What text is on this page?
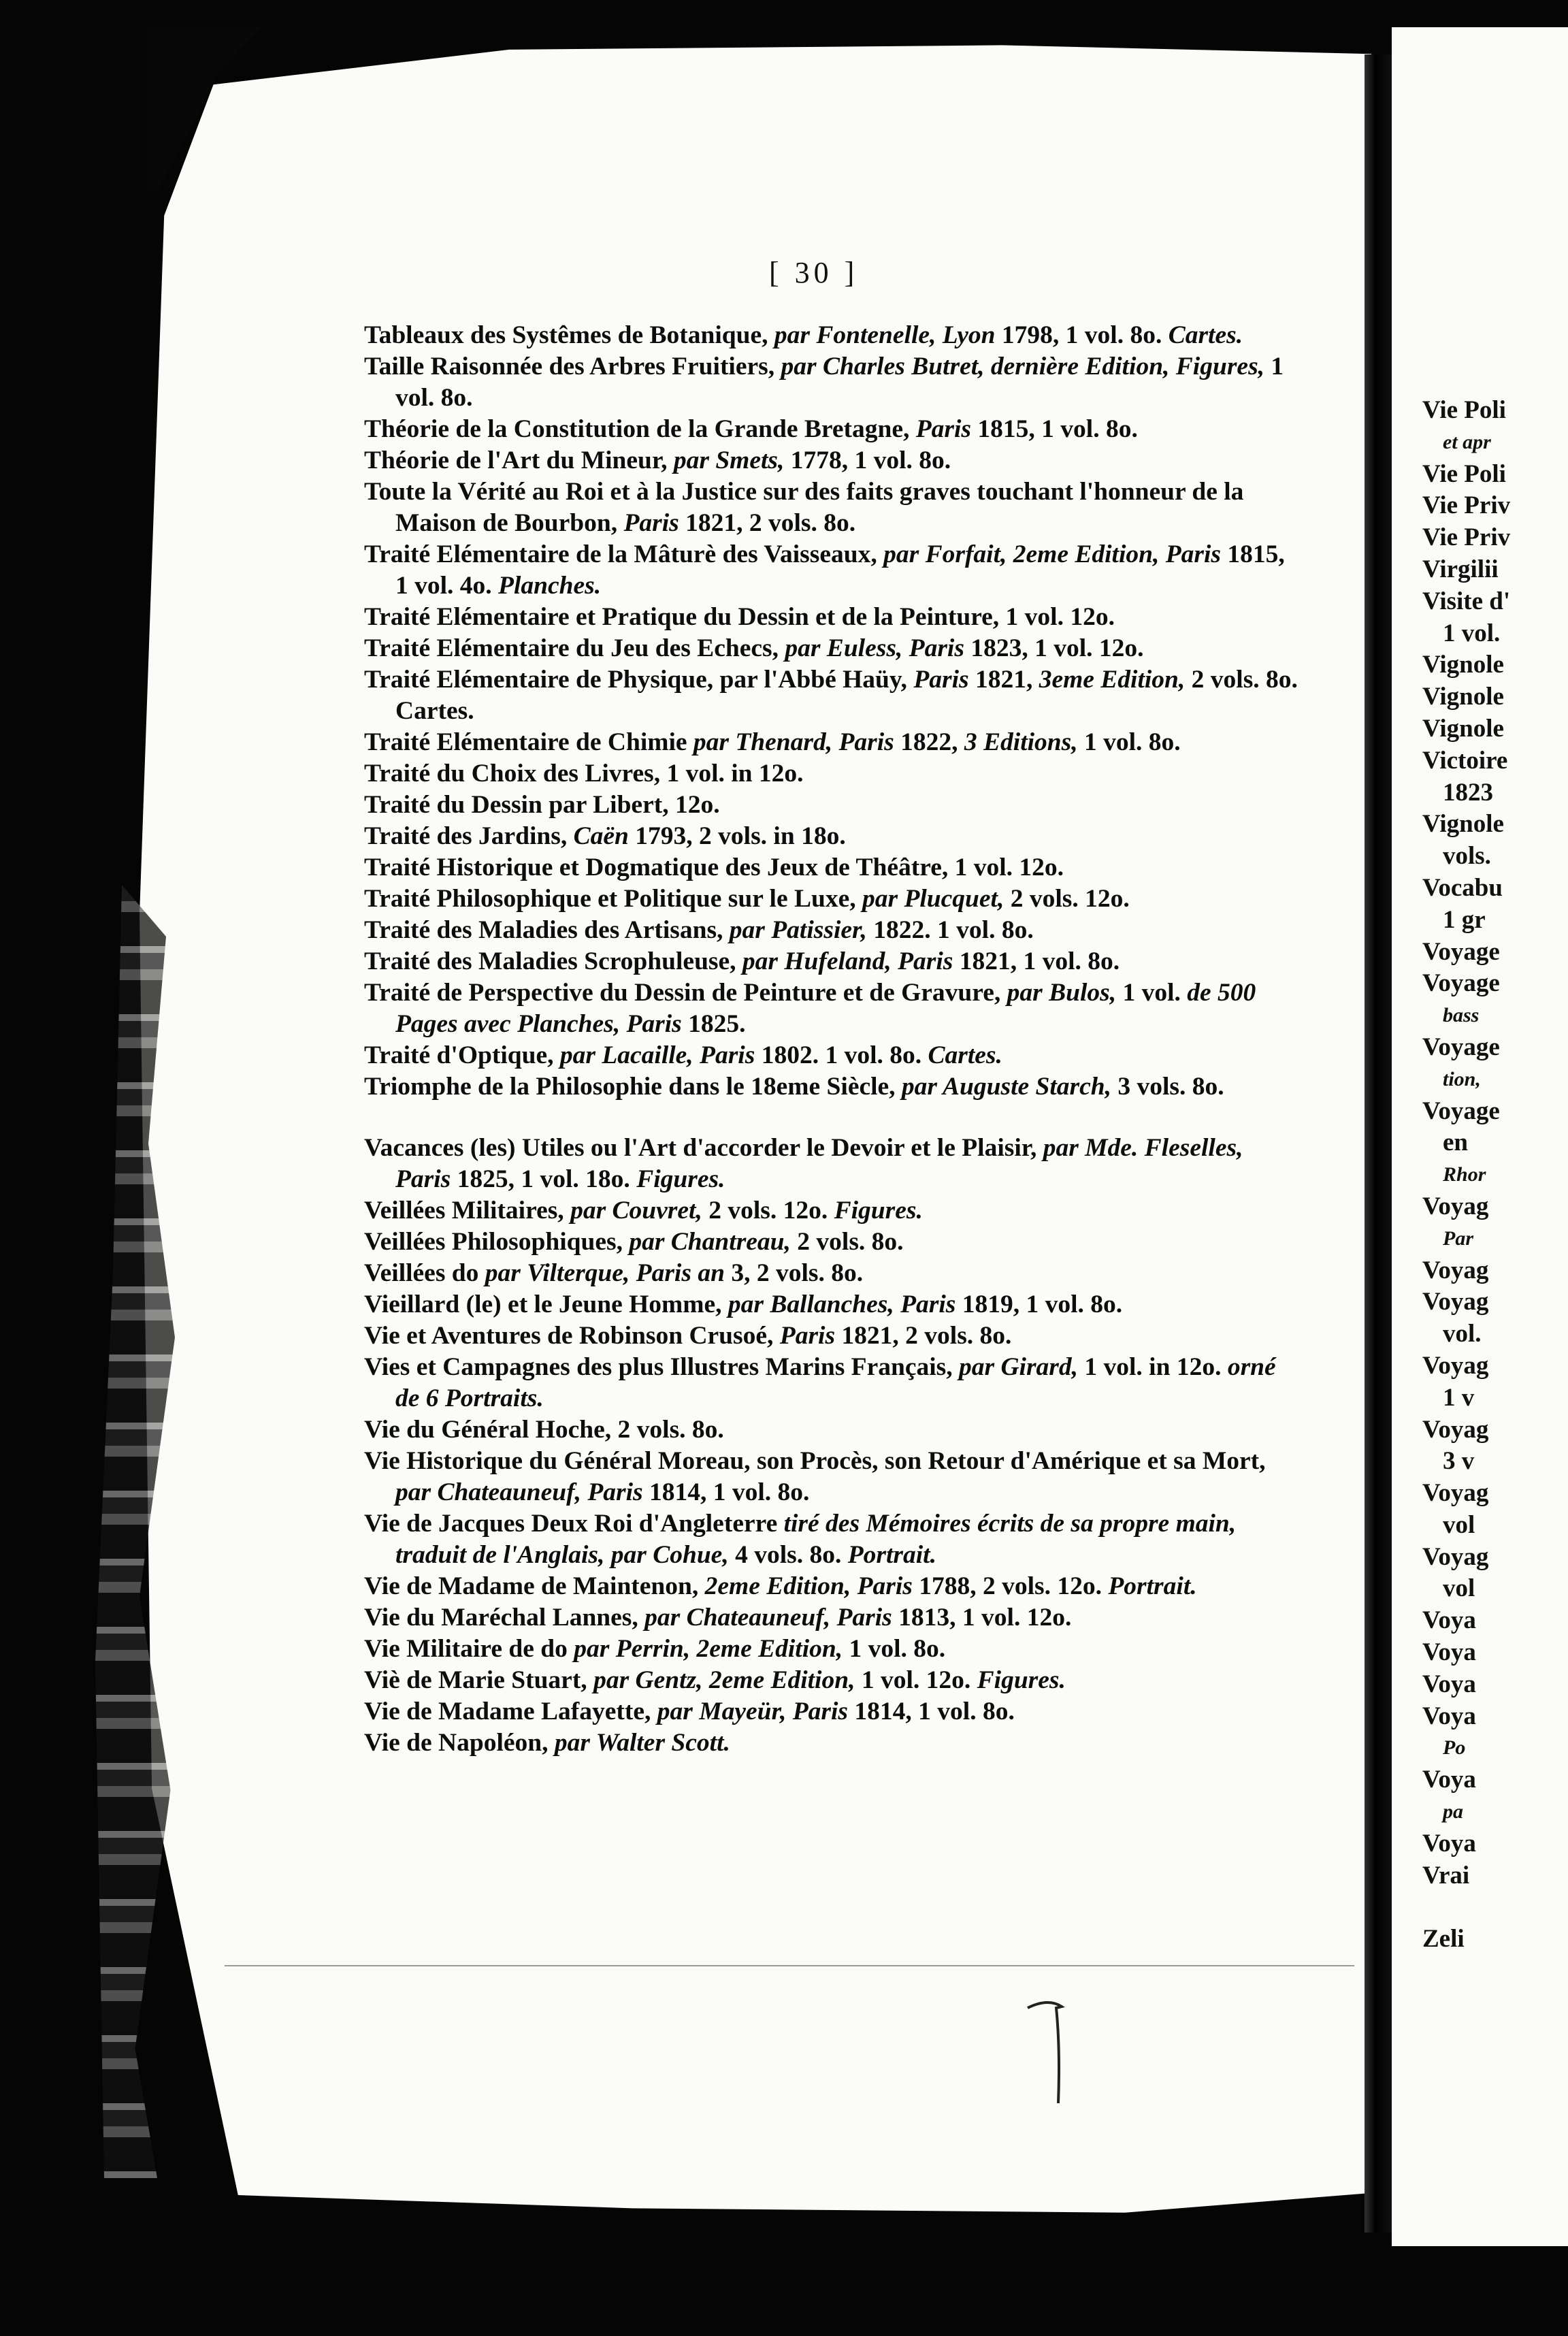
[ 30 ]

Tableaux des Systêmes de Botanique, par Fontenelle, Lyon 1798, 1 vol. 8o. Cartes.

Taille Raisonnée des Arbres Fruitiers, par Charles Butret, dernière Edition, Figures, 1 vol. 8o.

Théorie de la Constitution de la Grande Bretagne, Paris 1815, 1 vol. 8o.

Théorie de l'Art du Mineur, par Smets, 1778, 1 vol. 8o.

Toute la Vérité au Roi et à la Justice sur des faits graves touchant l'honneur de la Maison de Bourbon, Paris 1821, 2 vols. 8o.

Traité Elémentaire de la Mâturè des Vaisseaux, par Forfait, 2eme Edition, Paris 1815, 1 vol. 4o. Planches.

Traité Elémentaire et Pratique du Dessin et de la Peinture, 1 vol. 12o.

Traité Elémentaire du Jeu des Echecs, par Euless, Paris 1823, 1 vol. 12o.

Traité Elémentaire de Physique, par l'Abbé Haüy, Paris 1821, 3eme Edition, 2 vols. 8o. Cartes.

Traité Elémentaire de Chimie par Thenard, Paris 1822, 3 Editions, 1 vol. 8o.

Traité du Choix des Livres, 1 vol. in 12o.

Traité du Dessin par Libert, 12o.

Traité des Jardins, Caën 1793, 2 vols. in 18o.

Traité Historique et Dogmatique des Jeux de Théâtre, 1 vol. 12o.

Traité Philosophique et Politique sur le Luxe, par Plucquet, 2 vols. 12o.

Traité des Maladies des Artisans, par Patissier, 1822. 1 vol. 8o.

Traité des Maladies Scrophuleuse, par Hufeland, Paris 1821, 1 vol. 8o.

Traité de Perspective du Dessin de Peinture et de Gravure, par Bulos, 1 vol. de 500 Pages avec Planches, Paris 1825.

Traité d'Optique, par Lacaille, Paris 1802. 1 vol. 8o. Cartes.

Triomphe de la Philosophie dans le 18eme Siècle, par Auguste Starch, 3 vols. 8o.

Vacances (les) Utiles ou l'Art d'accorder le Devoir et le Plaisir, par Mde. Fleselles, Paris 1825, 1 vol. 18o. Figures.

Veillées Militaires, par Couvret, 2 vols. 12o. Figures.

Veillées Philosophiques, par Chantreau, 2 vols. 8o.

Veillées do par Vilterque, Paris an 3, 2 vols. 8o.

Vieillard (le) et le Jeune Homme, par Ballanches, Paris 1819, 1 vol. 8o.

Vie et Aventures de Robinson Crusoé, Paris 1821, 2 vols. 8o.

Vies et Campagnes des plus Illustres Marins Français, par Girard, 1 vol. in 12o. orné de 6 Portraits.

Vie du Général Hoche, 2 vols. 8o.

Vie Historique du Général Moreau, son Procès, son Retour d'Amérique et sa Mort, par Chateauneuf, Paris 1814, 1 vol. 8o.

Vie de Jacques Deux Roi d'Angleterre tiré des Mémoires écrits de sa propre main, traduit de l'Anglais, par Cohue, 4 vols. 8o. Portrait.

Vie de Madame de Maintenon, 2eme Edition, Paris 1788, 2 vols. 12o. Portrait.

Vie du Maréchal Lannes, par Chateauneuf, Paris 1813, 1 vol. 12o.

Vie Militaire de do par Perrin, 2eme Edition, 1 vol. 8o.

Viè de Marie Stuart, par Gentz, 2eme Edition, 1 vol. 12o. Figures.

Vie de Madame Lafayette, par Mayeür, Paris 1814, 1 vol. 8o.

Vie de Napoléon, par Walter Scott.

Vie Poli
et apr
Vie Poli
Vie Priv
Vie Priv
Virgilii
Visite d'
1 vol.
Vignole
Vignole
Vignole
Victoire
1823
Vignole
vols.
Vocabu
1 gr
Voyage
Voyage
bass
Voyage
tion,
Voyage
en
Rhor
Voyag
Par
Voyag
Voyag
vol.
Voyag
1 v
Voyag
3 v
Voyag
vol
Voyag
vol
Voya
Voya
Voya
Voya
Po
Voya
pa
Voya
Vrai
Zeli
